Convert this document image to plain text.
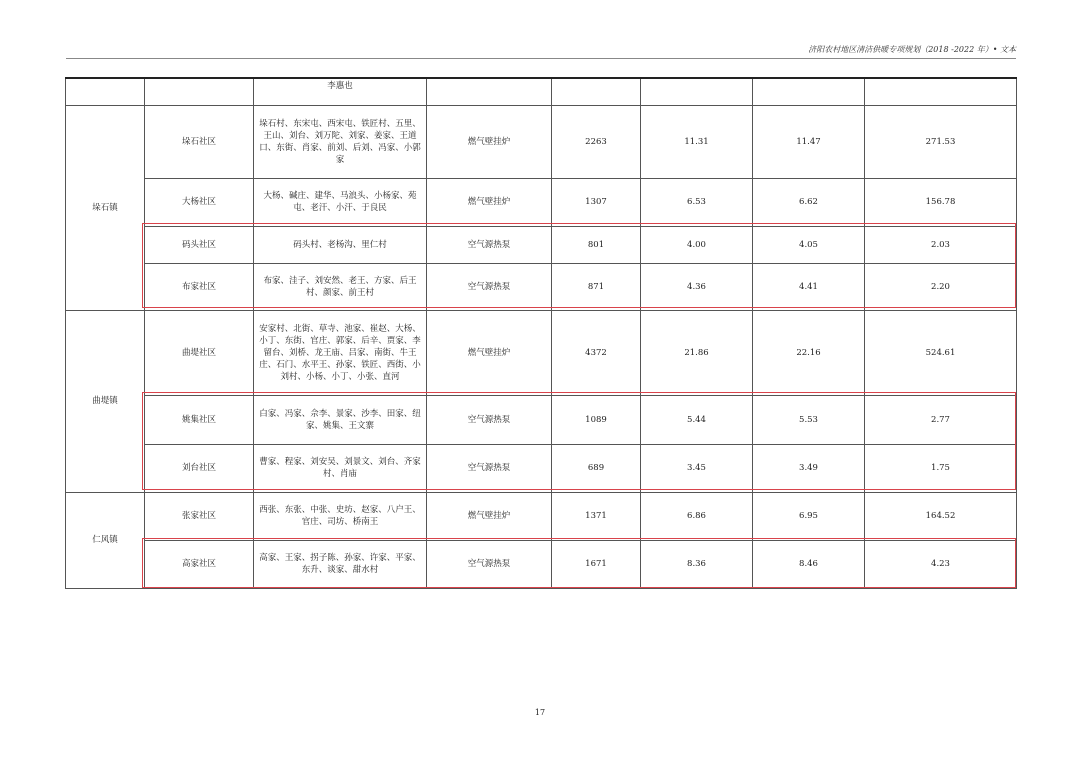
济阳农村地区清洁供暖专项规划（2018 -2022 年）• 文本
		李惠也					
垛石镇	垛石社区	垛石村、东宋屯、西宋屯、铁匠村、五里、王山、刘台、刘万陀、刘家、姜家、王道口、东街、肖家、前刘、后刘、冯家、小郭家	燃气壁挂炉	2263	11.31	11.47	271.53
	大杨社区	大杨、碱庄、建华、马浪头、小杨家、苑屯、老汗、小汗、于良民	燃气壁挂炉	1307	6.53	6.62	156.78
	码头社区	码头村、老杨沟、里仁村	空气源热泵	801	4.00	4.05	2.03
	布家社区	布家、洼子、刘安然、老王、方家、后王村、颜家、前王村	空气源热泵	871	4.36	4.41	2.20
曲堤镇	曲堤社区	安家村、北街、草寺、池家、崔赵、大杨、小丁、东街、官庄、郭家、后辛、贾家、李留台、刘桥、龙王庙、吕家、南街、牛王庄、石门、水平王、孙家、铁匠、西街、小刘村、小杨、小丁、小张、直河	燃气壁挂炉	4372	21.86	22.16	524.61
	姚集社区	白家、冯家、佘李、景家、沙李、田家、纽家、姚集、王文寨	空气源热泵	1089	5.44	5.53	2.77
	刘台社区	曹家、程家、刘安吴、刘景文、刘台、齐家村、肖庙	空气源热泵	689	3.45	3.49	1.75
仁风镇	张家社区	西张、东张、中张、史坊、赵家、八户王、官庄、司坊、桥南王	燃气壁挂炉	1371	6.86	6.95	164.52
	高家社区	高家、王家、拐子陈、孙家、许家、平家、东升、谈家、甜水村	空气源热泵	1671	8.36	8.46	4.23
17
